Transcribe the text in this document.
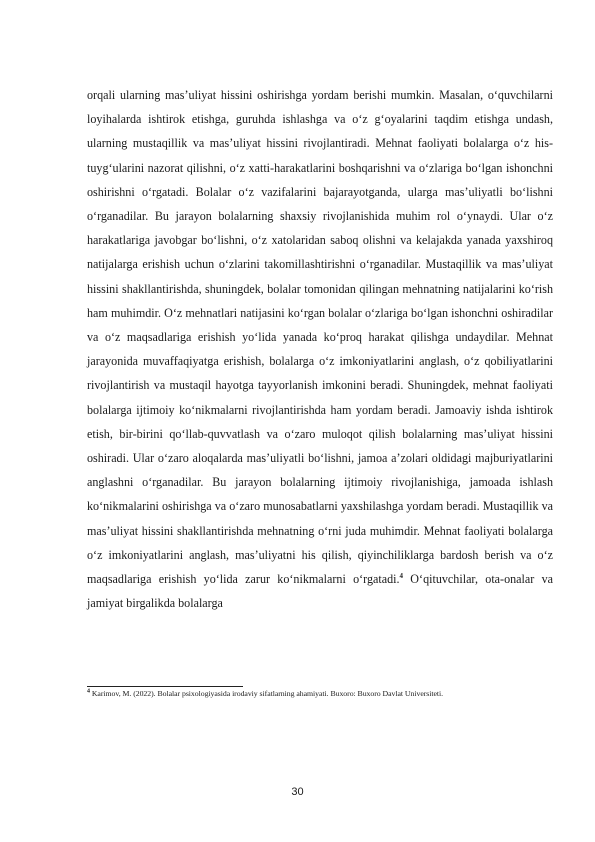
orqali ularning mas’uliyat hissini oshirishga yordam berishi mumkin. Masalan, o‘quvchilarni loyihalarda ishtirok etishga, guruhda ishlashga va o‘z g‘oyalarini taqdim etishga undash, ularning mustaqillik va mas’uliyat hissini rivojlantiradi. Mehnat faoliyati bolalarga o‘z his-tuyg‘ularini nazorat qilishni, o‘z xatti-harakatlarini boshqarishni va o‘zlariga bo‘lgan ishonchni oshirishni o‘rgatadi. Bolalar o‘z vazifalarini bajarayotganda, ularga mas’uliyatli bo‘lishni o‘rganadilar. Bu jarayon bolalarning shaxsiy rivojlanishida muhim rol o‘ynaydi. Ular o‘z harakatlariga javobgar bo‘lishni, o‘z xatolaridan saboq olishni va kelajakda yanada yaxshiroq natijalarga erishish uchun o‘zlarini takomillashtirishni o‘rganadilar. Mustaqillik va mas’uliyat hissini shakllantirishda, shuningdek, bolalar tomonidan qilingan mehnatning natijalarini ko‘rish ham muhimdir. O‘z mehnatlari natijasini ko‘rgan bolalar o‘zlariga bo‘lgan ishonchni oshiradilar va o‘z maqsadlariga erishish yo‘lida yanada ko‘proq harakat qilishga undaydilar. Mehnat jarayonida muvaffaqiyatga erishish, bolalarga o‘z imkoniyatlarini anglash, o‘z qobiliyatlarini rivojlantirish va mustaqil hayotga tayyorlanish imkonini beradi. Shuningdek, mehnat faoliyati bolalarga ijtimoiy ko‘nikmalarni rivojlantirishda ham yordam beradi. Jamoaviy ishda ishtirok etish, bir-birini qo‘llab-quvvatlash va o‘zaro muloqot qilish bolalarning mas’uliyat hissini oshiradi. Ular o‘zaro aloqalarda mas’uliyatli bo‘lishni, jamoa a’zolari oldidagi majburiyatlarini anglashni o‘rganadilar. Bu jarayon bolalarning ijtimoiy rivojlanishiga, jamoada ishlash ko‘nikmalarini oshirishga va o‘zaro munosabatlarni yaxshilashga yordam beradi. Mustaqillik va mas’uliyat hissini shakllantirishda mehnatning o‘rni juda muhimdir. Mehnat faoliyati bolalarga o‘z imkoniyatlarini anglash, mas’uliyatni his qilish, qiyinchiliklarga bardosh berish va o‘z maqsadlariga erishish yo‘lida zarur ko‘nikmalarni o‘rgatadi.$^4$ O‘qituvchilar, ota-onalar va jamiyat birgalikda bolalarga

$^4$ Karimov, M. (2022). Bolalar psixologiyasida irodaviy sifatlarning ahamiyati. Buxoro: Buxoro Davlat Universiteti.

30
